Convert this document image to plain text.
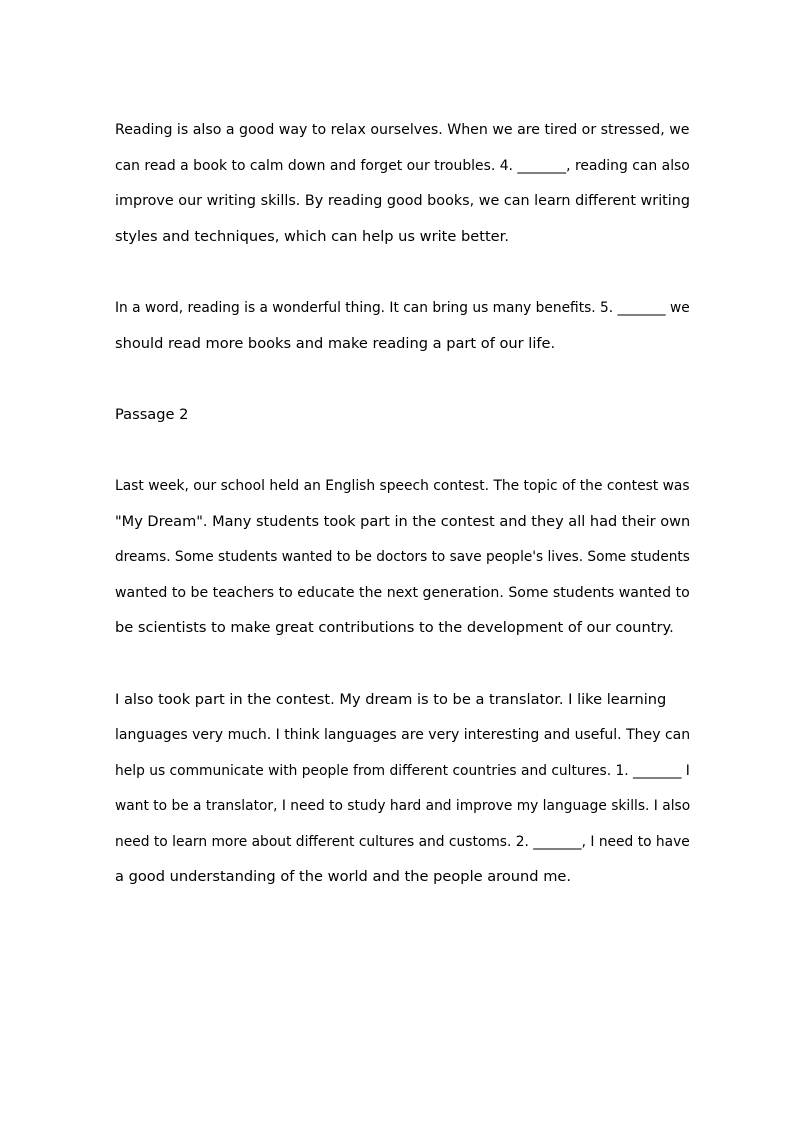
Reading is also a good way to relax ourselves. When we are tired or stressed, we
can read a book to calm down and forget our troubles. 4. _______, reading can also
improve our writing skills. By reading good books, we can learn different writing
styles and techniques, which can help us write better.
In a word, reading is a wonderful thing. It can bring us many benefits. 5. _______ we
should read more books and make reading a part of our life.
Passage 2
Last week, our school held an English speech contest. The topic of the contest was
"My Dream". Many students took part in the contest and they all had their own
dreams. Some students wanted to be doctors to save people's lives. Some students
wanted to be teachers to educate the next generation. Some students wanted to
be scientists to make great contributions to the development of our country.
I also took part in the contest. My dream is to be a translator. I like learning
languages very much. I think languages are very interesting and useful. They can
help us communicate with people from different countries and cultures. 1. _______ I
want to be a translator, I need to study hard and improve my language skills. I also
need to learn more about different cultures and customs. 2. _______, I need to have
a good understanding of the world and the people around me.
